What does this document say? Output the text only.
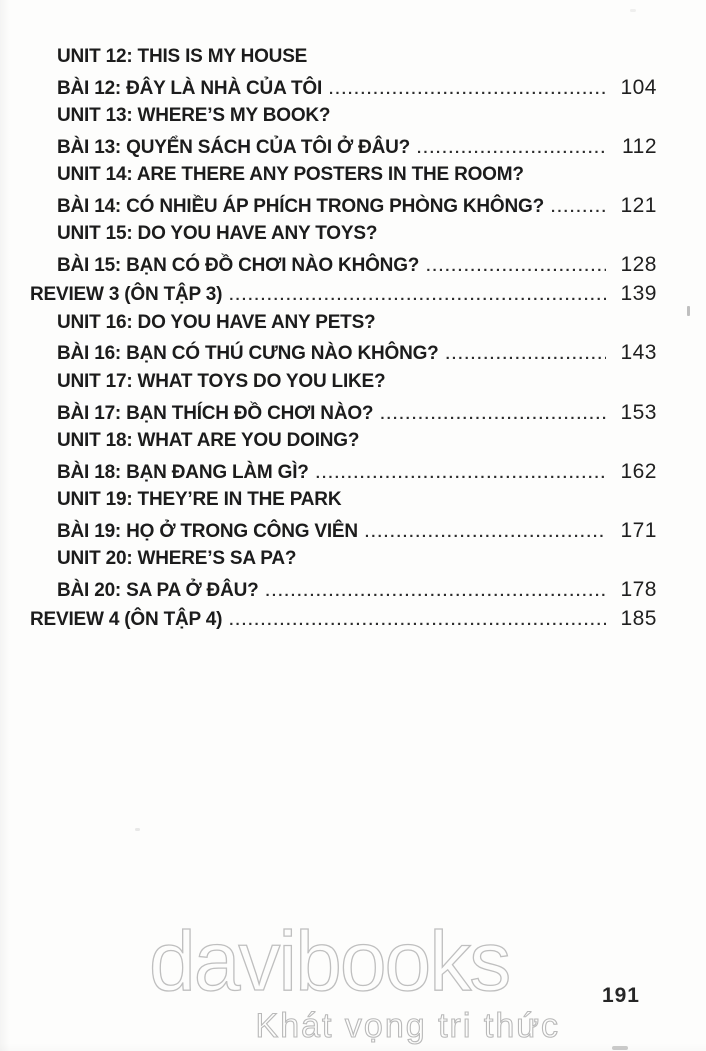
UNIT 12: THIS IS MY HOUSE
BÀI 12: ĐÂY LÀ NHÀ CỦA TÔI . . .	104
UNIT 13: WHERE’S MY BOOK?
BÀI 13: QUYỂN SÁCH CỦA TÔI Ở ĐÂU? . . .	112
UNIT 14: ARE THERE ANY POSTERS IN THE ROOM?
BÀI 14: CÓ NHIỀU ÁP PHÍCH TRONG PHÒNG KHÔNG? . . .	121
UNIT 15: DO YOU HAVE ANY TOYS?
BÀI 15: BẠN CÓ ĐỒ CHƠI NÀO KHÔNG? . . .	128
REVIEW 3 (ÔN TẬP 3) . . .	139
UNIT 16: DO YOU HAVE ANY PETS?
BÀI 16: BẠN CÓ THÚ CƯNG NÀO KHÔNG? . . .	143
UNIT 17: WHAT TOYS DO YOU LIKE?
BÀI 17: BẠN THÍCH ĐỒ CHƠI NÀO? . . .	153
UNIT 18: WHAT ARE YOU DOING?
BÀI 18: BẠN ĐANG LÀM GÌ? . . .	162
UNIT 19: THEY’RE IN THE PARK
BÀI 19: HỌ Ở TRONG CÔNG VIÊN . . .	171
UNIT 20: WHERE’S SA PA?
BÀI 20: SA PA Ở ĐÂU? . . .	178
REVIEW 4 (ÔN TẬP 4) . . .	185
davibooks
Khát vọng tri thức
191
